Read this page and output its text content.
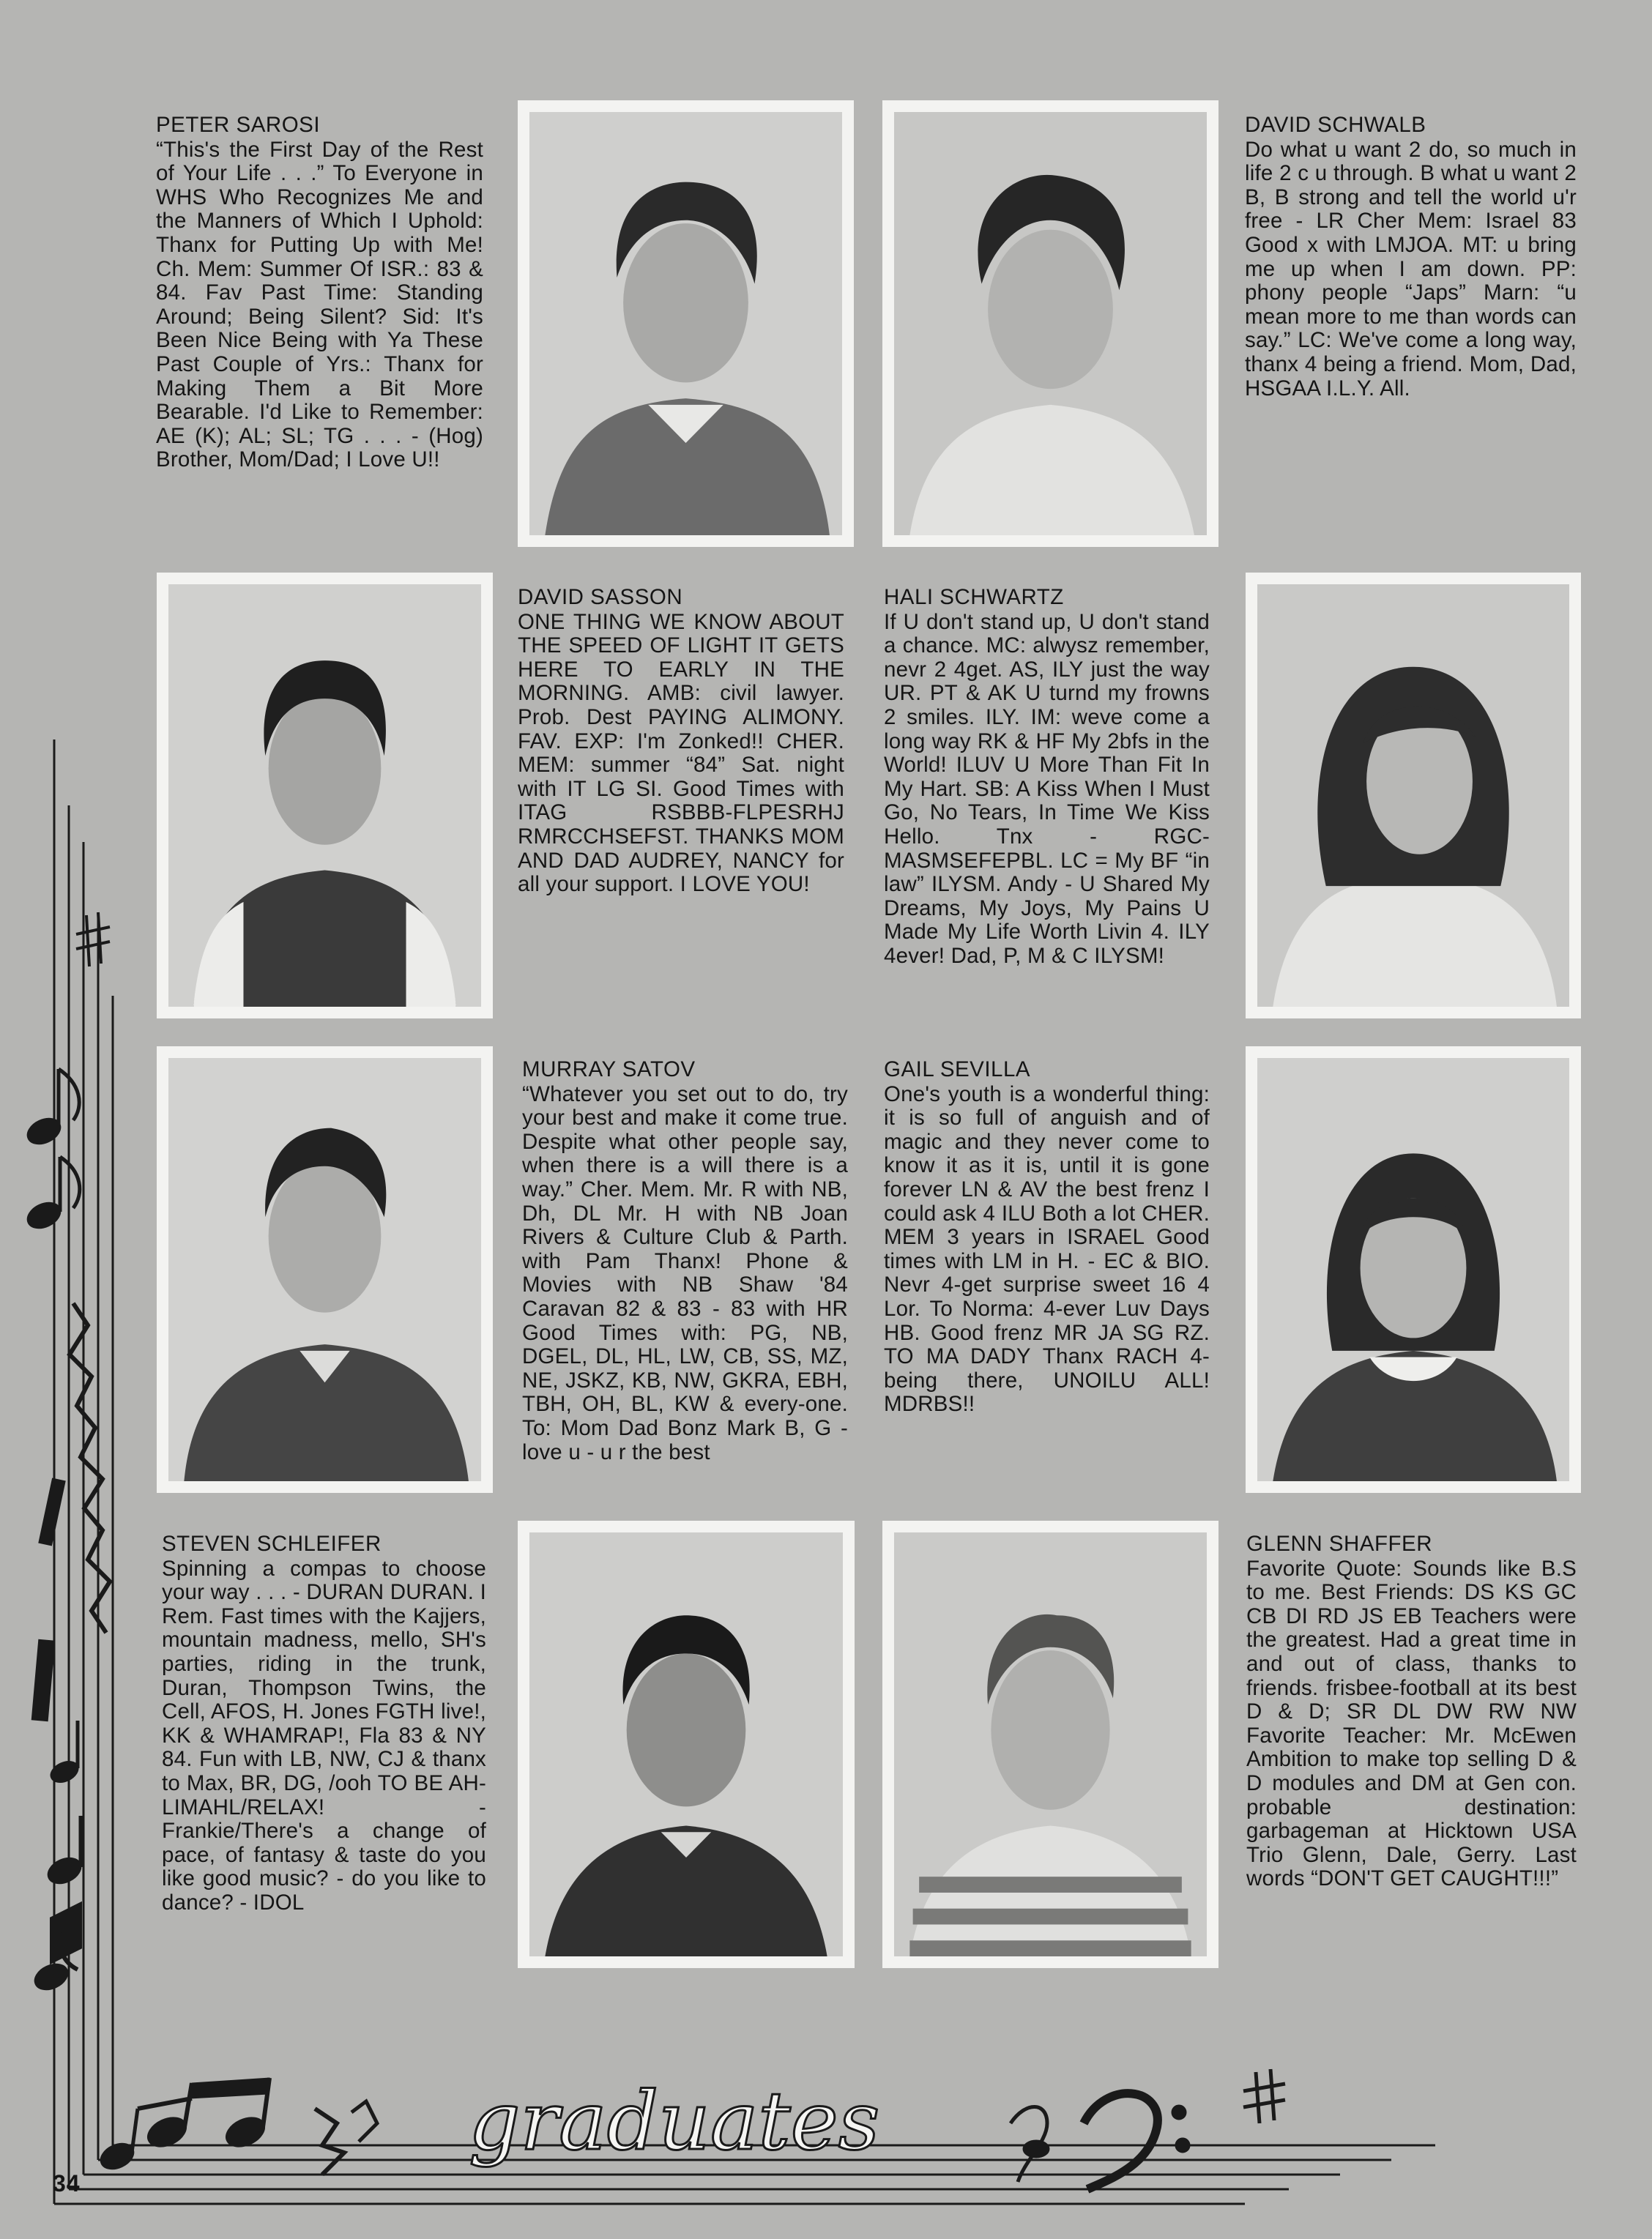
graduates
PETER SAROSI
“This's the First Day of the Rest of Your Life . . .” To Everyone in WHS Who Recognizes Me and the Manners of Which I Uphold: Thanx for Putting Up with Me! Ch. Mem: Summer Of ISR.: 83 & 84. Fav Past Time: Standing Around; Being Silent? Sid: It's Been Nice Being with Ya These Past Couple of Yrs.: Thanx for Making Them a Bit More Bearable. I'd Like to Remember: AE (K); AL; SL; TG . . . - (Hog) Brother, Mom/Dad; I Love U!!
DAVID SCHWALB
Do what u want 2 do, so much in life 2 c u through. B what u want 2 B, B strong and tell the world u'r free - LR Cher Mem: Israel 83 Good x with LMJOA. MT: u bring me up when I am down. PP: phony people “Japs” Marn: “u mean more to me than words can say.” LC: We've come a long way, thanx 4 being a friend. Mom, Dad, HSGAA I.L.Y. All.
DAVID SASSON
ONE THING WE KNOW ABOUT THE SPEED OF LIGHT IT GETS HERE TO EARLY IN THE MORNING. AMB: civil lawyer. Prob. Dest PAYING ALIMONY. FAV. EXP: I'm Zonked!! CHER. MEM: summer “84” Sat. night with IT LG SI. Good Times with ITAG RSBBB-FLPESRHJ RMRCCHSEFST. THANKS MOM AND DAD AUDREY, NANCY for all your support. I LOVE YOU!
HALI SCHWARTZ
If U don't stand up, U don't stand a chance. MC: alwysz remember, nevr 2 4get. AS, ILY just the way UR. PT & AK U turnd my frowns 2 smiles. ILY. IM: weve come a long way RK & HF My 2bfs in the World! ILUV U More Than Fit In My Hart. SB: A Kiss When I Must Go, No Tears, In Time We Kiss Hello. Tnx - RGC-MASMSEFEPBL. LC = My BF “in law” ILYSM. Andy - U Shared My Dreams, My Joys, My Pains U Made My Life Worth Livin 4. ILY 4ever! Dad, P, M & C ILYSM!
MURRAY SATOV
“Whatever you set out to do, try your best and make it come true. Despite what other people say, when there is a will there is a way.” Cher. Mem. Mr. R with NB, Dh, DL Mr. H with NB Joan Rivers & Culture Club & Parth. with Pam Thanx! Phone & Movies with NB Shaw '84 Caravan 82 & 83 - 83 with HR Good Times with: PG, NB, DGEL, DL, HL, LW, CB, SS, MZ, NE, JSKZ, KB, NW, GKRA, EBH, TBH, OH, BL, KW & every-one. To: Mom Dad Bonz Mark B, G - love u - u r the best
GAIL SEVILLA
One's youth is a wonderful thing: it is so full of anguish and of magic and they never come to know it as it is, until it is gone forever LN & AV the best frenz I could ask 4 ILU Both a lot CHER. MEM 3 years in ISRAEL Good times with LM in H. - EC & BIO. Nevr 4-get surprise sweet 16 4 Lor. To Norma: 4-ever Luv Days HB. Good frenz MR JA SG RZ. TO MA DADY Thanx RACH 4-being there, UNOILU ALL! MDRBS!!
STEVEN SCHLEIFER
Spinning a compas to choose your way . . . - DURAN DURAN. I Rem. Fast times with the Kajjers, mountain madness, mello, SH's parties, riding in the trunk, Duran, Thompson Twins, the Cell, AFOS, H. Jones FGTH live!, KK & WHAMRAP!, Fla 83 & NY 84. Fun with LB, NW, CJ & thanx to Max, BR, DG, /ooh TO BE AH-LIMAHL/RELAX! - Frankie/There's a change of pace, of fantasy & taste do you like good music? - do you like to dance? - IDOL
GLENN SHAFFER
Favorite Quote: Sounds like B.S to me. Best Friends: DS KS GC CB DI RD JS EB Teachers were the greatest. Had a great time in and out of class, thanks to friends. frisbee-football at its best D & D; SR DL DW RW NW Favorite Teacher: Mr. McEwen Ambition to make top selling D & D modules and DM at Gen con. probable destination: garbageman at Hicktown USA Trio Glenn, Dale, Gerry. Last words “DON'T GET CAUGHT!!!”
34
